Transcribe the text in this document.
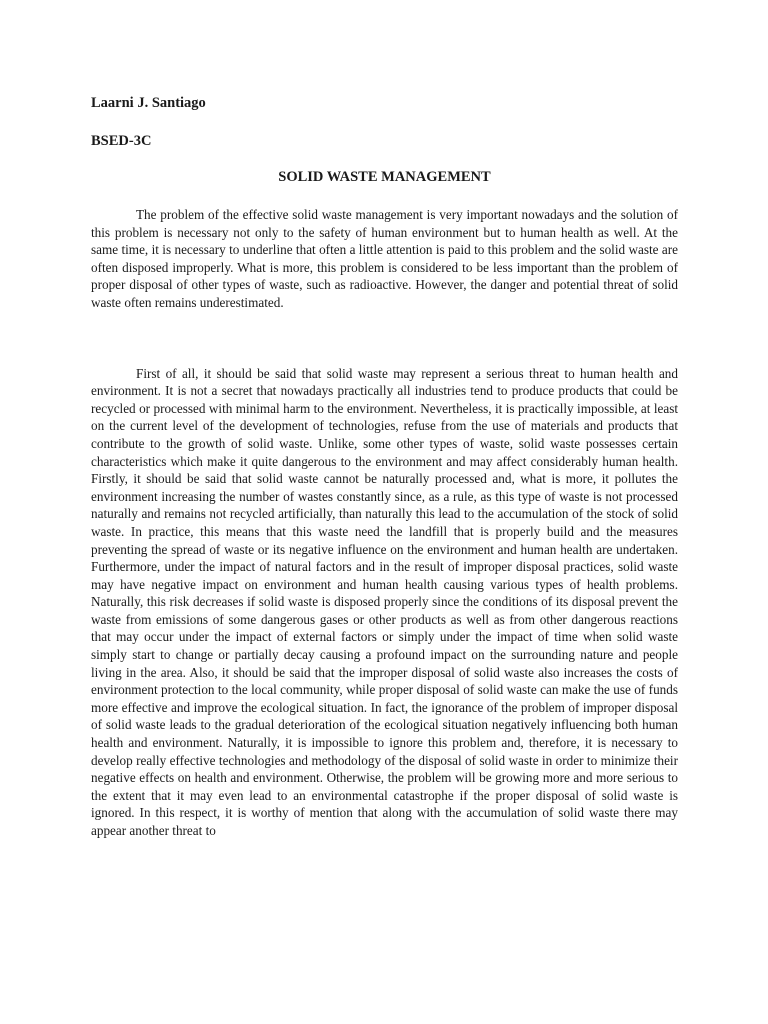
Laarni J. Santiago

BSED-3C

SOLID WASTE MANAGEMENT

The problem of the effective solid waste management is very important nowadays and the solution of this problem is necessary not only to the safety of human environment but to human health as well. At the same time, it is necessary to underline that often a little attention is paid to this problem and the solid waste are often disposed improperly. What is more, this problem is considered to be less important than the problem of proper disposal of other types of waste, such as radioactive. However, the danger and potential threat of solid waste often remains underestimated.

First of all, it should be said that solid waste may represent a serious threat to human health and environment. It is not a secret that nowadays practically all industries tend to produce products that could be recycled or processed with minimal harm to the environment. Nevertheless, it is practically impossible, at least on the current level of the development of technologies, refuse from the use of materials and products that contribute to the growth of solid waste. Unlike, some other types of waste, solid waste possesses certain characteristics which make it quite dangerous to the environment and may affect considerably human health. Firstly, it should be said that solid waste cannot be naturally processed and, what is more, it pollutes the environment increasing the number of wastes constantly since, as a rule, as this type of waste is not processed naturally and remains not recycled artificially, than naturally this lead to the accumulation of the stock of solid waste. In practice, this means that this waste need the landfill that is properly build and the measures preventing the spread of waste or its negative influence on the environment and human health are undertaken. Furthermore, under the impact of natural factors and in the result of improper disposal practices, solid waste may have negative impact on environment and human health causing various types of health problems. Naturally, this risk decreases if solid waste is disposed properly since the conditions of its disposal prevent the waste from emissions of some dangerous gases or other products as well as from other dangerous reactions that may occur under the impact of external factors or simply under the impact of time when solid waste simply start to change or partially decay causing a profound impact on the surrounding nature and people living in the area. Also, it should be said that the improper disposal of solid waste also increases the costs of environment protection to the local community, while proper disposal of solid waste can make the use of funds more effective and improve the ecological situation. In fact, the ignorance of the problem of improper disposal of solid waste leads to the gradual deterioration of the ecological situation negatively influencing both human health and environment. Naturally, it is impossible to ignore this problem and, therefore, it is necessary to develop really effective technologies and methodology of the disposal of solid waste in order to minimize their negative effects on health and environment. Otherwise, the problem will be growing more and more serious to the extent that it may even lead to an environmental catastrophe if the proper disposal of solid waste is ignored. In this respect, it is worthy of mention that along with the accumulation of solid waste there may appear another threat to
